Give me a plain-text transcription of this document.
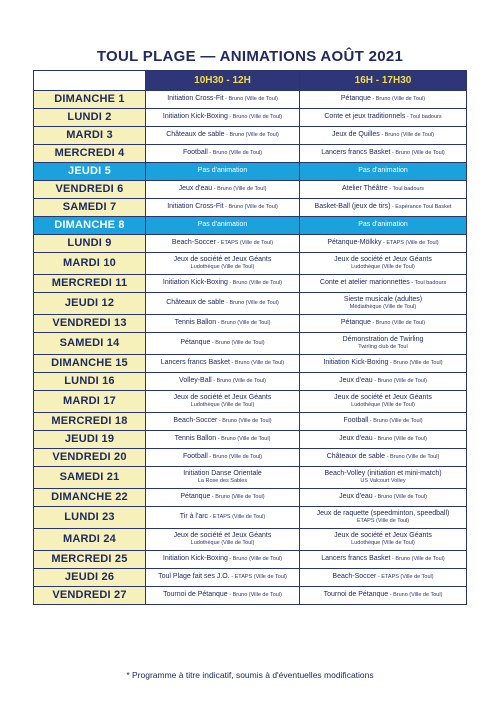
TOUL PLAGE — ANIMATIONS AOÛT 2021
	10H30 - 12H	16H - 17H30
DIMANCHE 1	Initiation Cross-Fit - Bruno (Ville de Toul)	Pétanque - Bruno (Ville de Toul)
LUNDI 2	Initiation Kick-Boxing - Bruno (Ville de Toul)	Conte et jeux traditionnels - Toul badours
MARDI 3	Châteaux de sable - Bruno (Ville de Toul)	Jeux de Quilles - Bruno (Ville de Toul)
MERCREDI 4	Football - Bruno (Ville de Toul)	Lancers francs Basket - Bruno (Ville de Toul)
JEUDI 5	Pas d'animation	Pas d'animation
VENDREDI 6	Jeux d'eau - Bruno (Ville de Toul)	Atelier Théâtre - Toul badours
SAMEDI 7	Initiation Cross-Fit - Bruno (Ville de Toul)	Basket-Ball (jeux de tirs) - Espérance Toul Basket
DIMANCHE 8	Pas d'animation	Pas d'animation
LUNDI 9	Beach-Soccer - ETAPS (Ville de Toul)	Pétanque-Mölkky - ETAPS (Ville de Toul)
MARDI 10	Jeux de société et Jeux Géants
Ludothèque (Ville de Toul)	Jeux de société et Jeux Géants
Ludothèque (Ville de Toul)

MERCREDI 11	Initiation Kick-Boxing - Bruno (Ville de Toul)	Conte et atelier marionnettes - Toul badours
JEUDI 12	Châteaux de sable - Bruno (Ville de Toul)	Sieste musicale (adultes)
Médiathèque (Ville de Toul)

VENDREDI 13	Tennis Ballon - Bruno (Ville de Toul)	Pétanque - Bruno (Ville de Toul)
SAMEDI 14	Pétanque - Bruno (Ville de Toul)	Démonstration de Twirling
Twirling club de Toul

DIMANCHE 15	Lancers francs Basket - Bruno (Ville de Toul)	Initiation Kick-Boxing - Bruno (Ville de Toul)
LUNDI 16	Volley-Ball - Bruno (Ville de Toul)	Jeux d'eau - Bruno (Ville de Toul)
MARDI 17	Jeux de société et Jeux Géants
Ludothèque (Ville de Toul)	Jeux de société et Jeux Géants
Ludothèque (Ville de Toul)

MERCREDI 18	Beach-Soccer - Bruno (Ville de Toul)	Football - Bruno (Ville de Toul)
JEUDI 19	Tennis Ballon - Bruno (Ville de Toul)	Jeux d'eau - Bruno (Ville de Toul)
VENDREDI 20	Football - Bruno (Ville de Toul)	Châteaux de sable - Bruno (Ville de Toul)
SAMEDI 21	Initiation Danse Orientale
La Rose des Sables	Beach-Volley (initiation et mini-match)
US Valcourt Volley

DIMANCHE 22	Pétanque - Bruno (Ville de Toul)	Jeux d'eau - Bruno (Ville de Toul)
LUNDI 23	Tir à l'arc - ETAPS (Ville de Toul)	Jeux de raquette (speedminton, speedball)
ETAPS (Ville de Toul)

MARDI 24	Jeux de société et Jeux Géants
Ludothèque (Ville de Toul)	Jeux de société et Jeux Géants
Ludothèque (Ville de Toul)

MERCREDI 25	Initiation Kick-Boxing - Bruno (Ville de Toul)	Lancers francs Basket - Bruno (Ville de Toul)
JEUDI 26	Toul Plage fait ses J.O. - ETAPS (Ville de Toul)	Beach-Soccer - ETAPS (Ville de Toul)
VENDREDI 27	Tournoi de Pétanque - Bruno (Ville de Toul)	Tournoi de Pétanque - Bruno (Ville de Toul)
* Programme à titre indicatif, soumis à d'éventuelles modifications
